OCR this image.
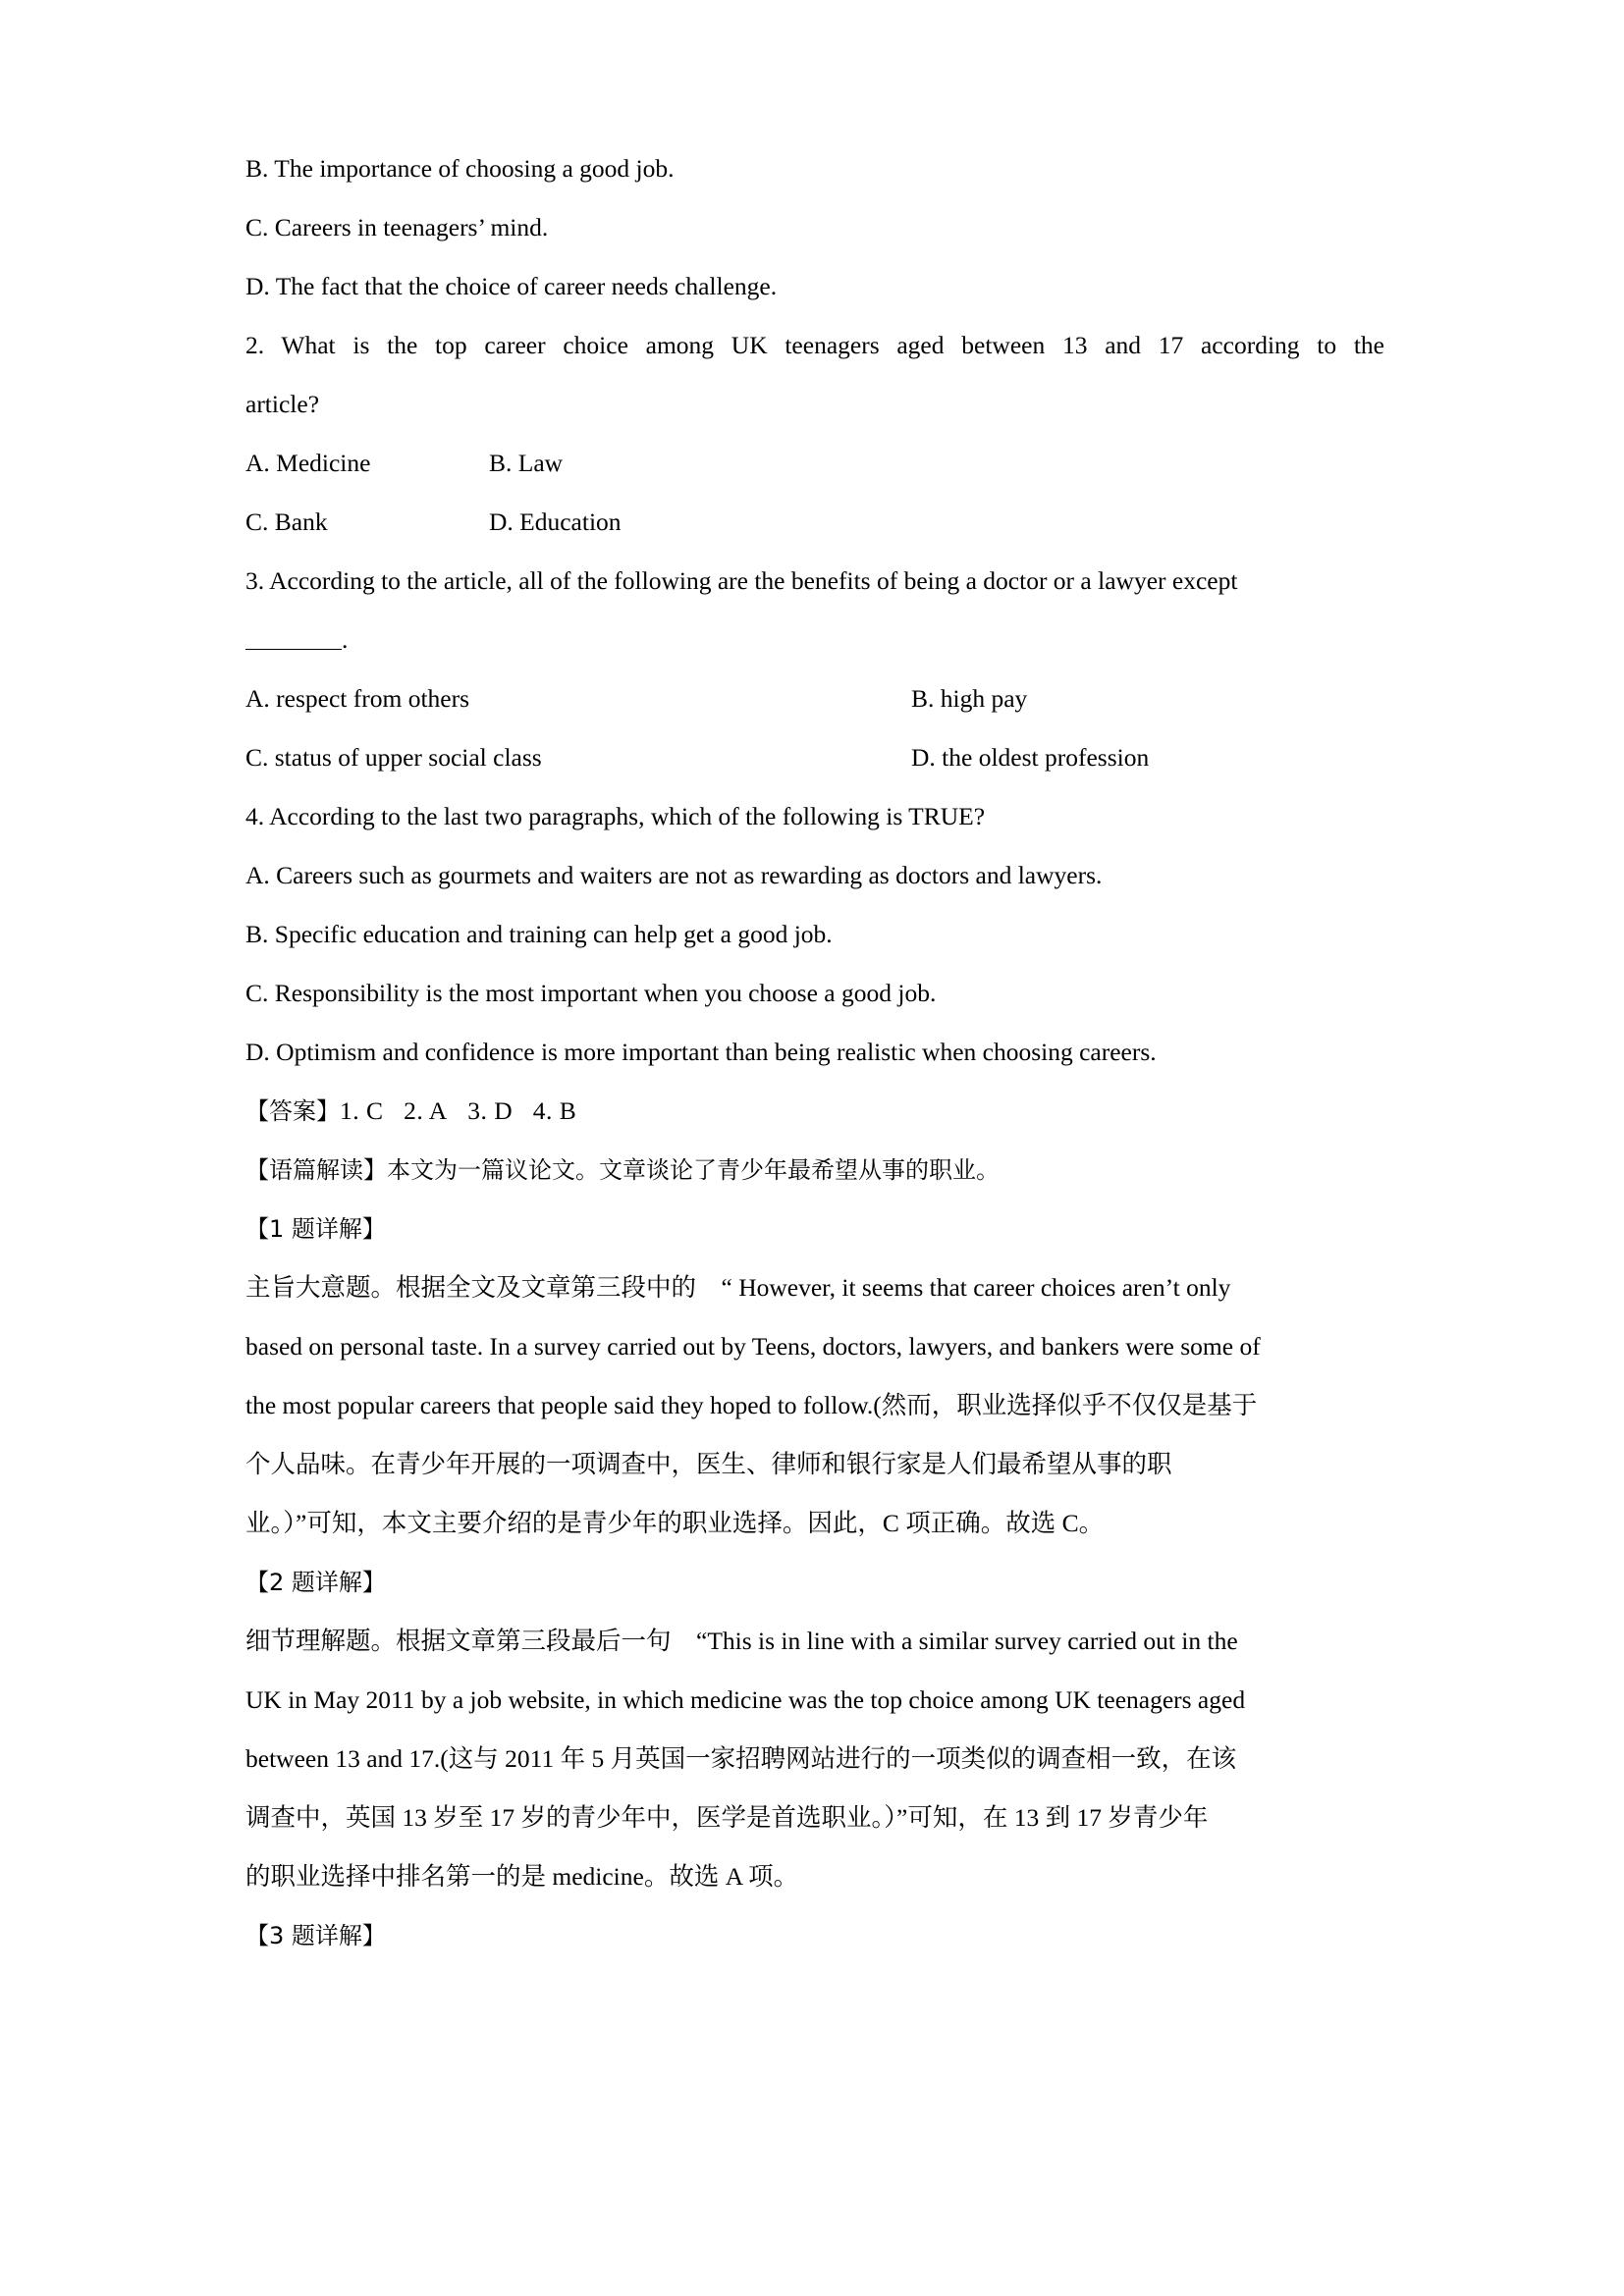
B. The importance of choosing a good job.
C. Careers in teenagers’ mind.
D. The fact that the choice of career needs challenge.
2. What is the top career choice among UK teenagers aged between 13 and 17 according to the
article?
A. Medicine	B. Law
C. Bank	D. Education
3. According to the article, all of the following are the benefits of being a doctor or a lawyer except
.
A. respect from others	B. high pay
C. status of upper social class	D. the oldest profession
4. According to the last two paragraphs, which of the following is TRUE?
A. Careers such as gourmets and waiters are not as rewarding as doctors and lawyers.
B. Specific education and training can help get a good job.
C. Responsibility is the most important when you choose a good job.
D. Optimism and confidence is more important than being realistic when choosing careers.
【答案】1. C   2. A   3. D   4. B
【语篇解读】本文为一篇议论文。文章谈论了青少年最希望从事的职业。
【1 题详解】
主旨大意题。根据全文及文章第三段中的　“ However, it seems that career choices aren’t only
based on personal taste. In a survey carried out by Teens, doctors, lawyers, and bankers were some of
the most popular careers that people said they hoped to follow.(然而，职业选择似乎不仅仅是基于
个人品味。在青少年开展的一项调查中，医生、律师和银行家是人们最希望从事的职
业。）”可知，本文主要介绍的是青少年的职业选择。因此，C 项正确。故选 C。
【2 题详解】
细节理解题。根据文章第三段最后一句　“This is in line with a similar survey carried out in the
UK in May 2011 by a job website, in which medicine was the top choice among UK teenagers aged
between 13 and 17.(这与 2011 年 5 月英国一家招聘网站进行的一项类似的调查相一致，在该
调查中，英国 13 岁至 17 岁的青少年中，医学是首选职业。）”可知，在 13 到 17 岁青少年
的职业选择中排名第一的是 medicine。故选 A 项。
【3 题详解】
